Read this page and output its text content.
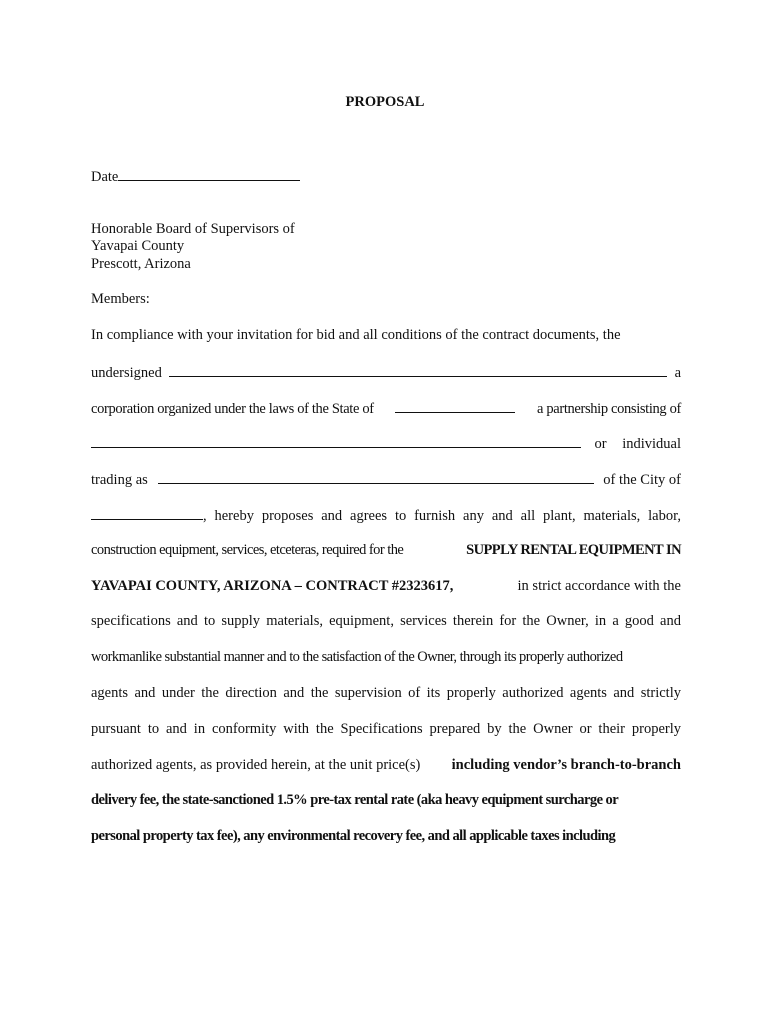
PROPOSAL
Date
Honorable Board of Supervisors of
Yavapai County
Prescott, Arizona
Members:
In compliance with your invitation for bid and all conditions of the contract documents, the
undersigned	a
corporation organized under the laws of the State of	a partnership consisting of
or individual
trading as	of the City of
, hereby proposes and agrees to furnish any and all plant, materials, labor,
construction equipment, services, etceteras, required for the	SUPPLY RENTAL EQUIPMENT IN
YAVAPAI COUNTY, ARIZONA – CONTRACT #2323617,	in strict accordance with the
specifications and to supply materials, equipment, services therein for the Owner, in a good and
workmanlike substantial manner and to the satisfaction of the Owner, through its properly authorized
agents and under the direction and the supervision of its properly authorized agents and strictly
pursuant to and in conformity with the Specifications prepared by the Owner or their properly
authorized agents, as provided herein, at the unit price(s) including vendor’s branch-to-branch
delivery fee, the state-sanctioned 1.5% pre-tax rental rate (aka heavy equipment surcharge or
personal property tax fee), any environmental recovery fee, and all applicable taxes including
